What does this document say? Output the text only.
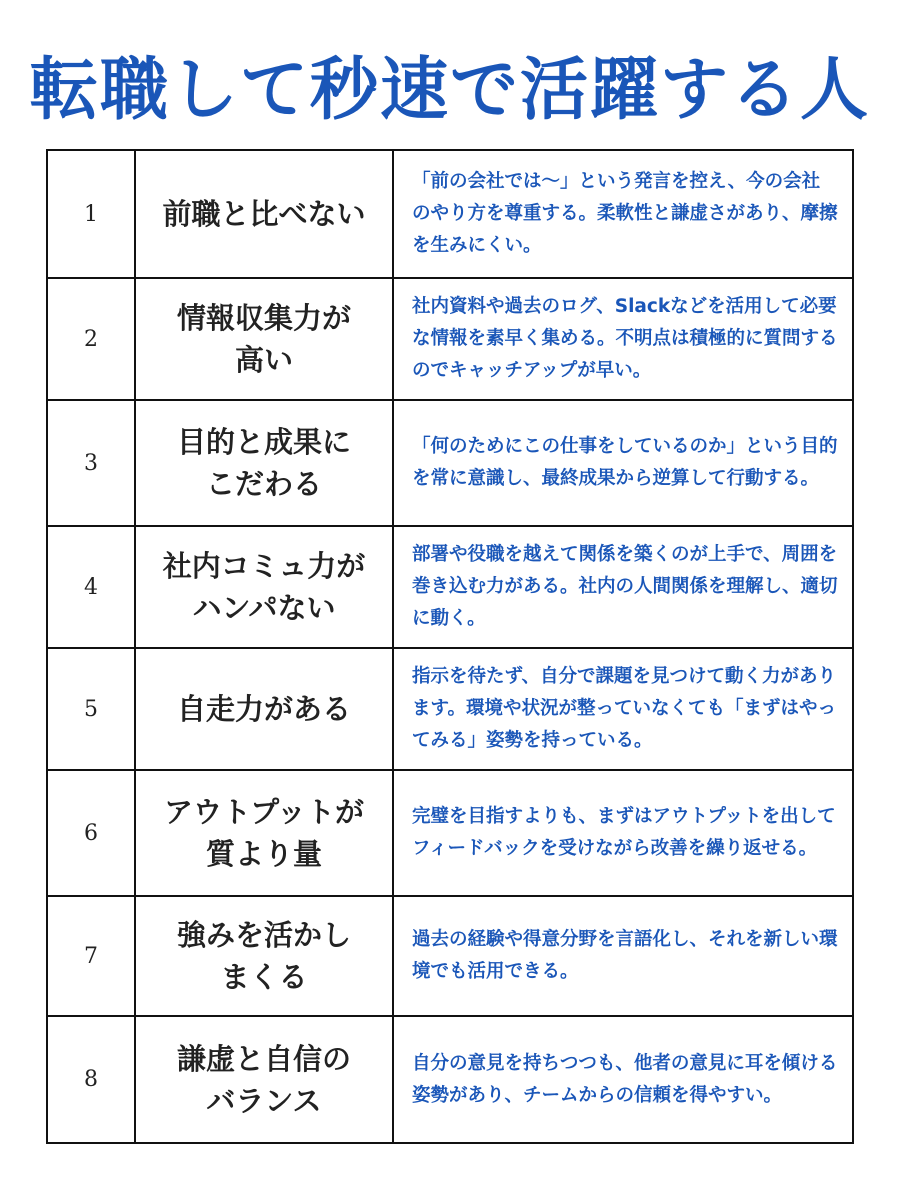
転職して秒速で活躍する人
1	前職と比べない
「前の会社では〜」という発言を控え、今の会社のやり方を尊重する。柔軟性と謙虚さがあり、摩擦を生みにくい。
2
情報収集力が
高い
社内資料や過去のログ、Slackなどを活用して必要な情報を素早く集める。不明点は積極的に質問するのでキャッチアップが早い。
3
目的と成果に
こだわる
「何のためにこの仕事をしているのか」という目的を常に意識し、最終成果から逆算して行動する。
4
社内コミュ力が
ハンパない
部署や役職を越えて関係を築くのが上手で、周囲を巻き込む力がある。社内の人間関係を理解し、適切に動く。
5	自走力がある
指示を待たず、自分で課題を見つけて動く力があります。環境や状況が整っていなくても「まずはやってみる」姿勢を持っている。
6
アウトプットが
質より量
完璧を目指すよりも、まずはアウトプットを出してフィードバックを受けながら改善を繰り返せる。
7
強みを活かし
まくる
過去の経験や得意分野を言語化し、それを新しい環境でも活用できる。
8
謙虚と自信の
バランス
自分の意見を持ちつつも、他者の意見に耳を傾ける姿勢があり、チームからの信頼を得やすい。
